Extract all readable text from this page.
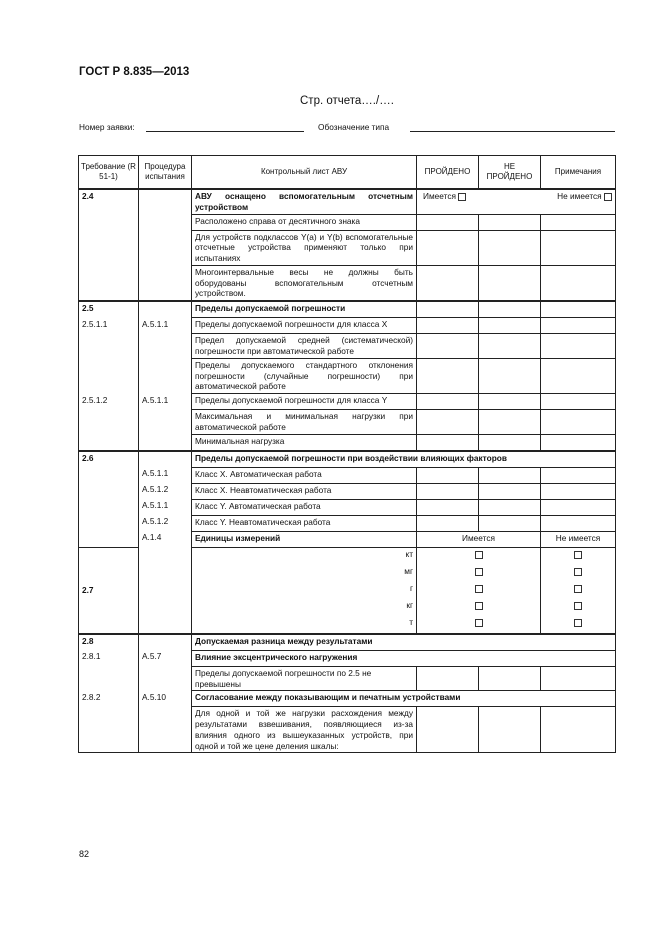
ГОСТ Р 8.835—2013
Стр. отчета…./….
Номер заявки:	Обозначение типа
Требование (R 51-1)	Процедура испытания	Контрольный лист АВУ	ПРОЙДЕНО	НЕ ПРОЙДЕНО	Примечания
2.4		АВУ оснащено вспомогательным отсчетным устройством	Имеется Не имеется		

		Расположено справа от десятичного знака			
		Для устройств подкласcов Y(a) и Y(b) вспомогательные отсчетные устройства применяют только при испытаниях			
		Многоинтервальные весы не должны быть оборудованы вспомогательным отсчетным устройством.			
2.5		Пределы допускаемой погрешности			
2.5.1.1	A.5.1.1	Пределы допускаемой погрешности для класса X			
		Предел допускаемой средней (систематической) погрешности при автоматической работе			
		Пределы допускаемого стандартного отклонения погрешности (случайные погрешности) при автоматической работе			
2.5.1.2	A.5.1.1	Пределы допускаемой погрешности для класса Y			
		Максимальная и минимальная нагрузки при автоматической работе			
		Минимальная нагрузка			
2.6		Пределы допускаемой погрешности при воздействии влияющих факторов			
	A.5.1.1	Класс X. Автоматическая работа			
	A.5.1.2	Класс X. Неавтоматическая работа			
	A.5.1.1	Класс Y. Автоматическая работа			
	A.5.1.2	Класс Y. Неавтоматическая работа			
	A.1.4	Единицы измерений	Имеется		Не имеется
2.7		кт			
		мг			
		г			
		кг			
		т			
2.8		Допускаемая разница между результатами			
2.8.1	A.5.7	Влияние эксцентрического нагружения			
		Пределы допускаемой погрешности по 2.5 не превышены			
2.8.2	A.5.10	Согласование между показывающим и печатным устройствами			
		Для одной и той же нагрузки расхождения между результатами взвешивания, появляющиеся из-за влияния одного из вышеуказанных устройств, при одной и той же цене деления шкалы:			
82
